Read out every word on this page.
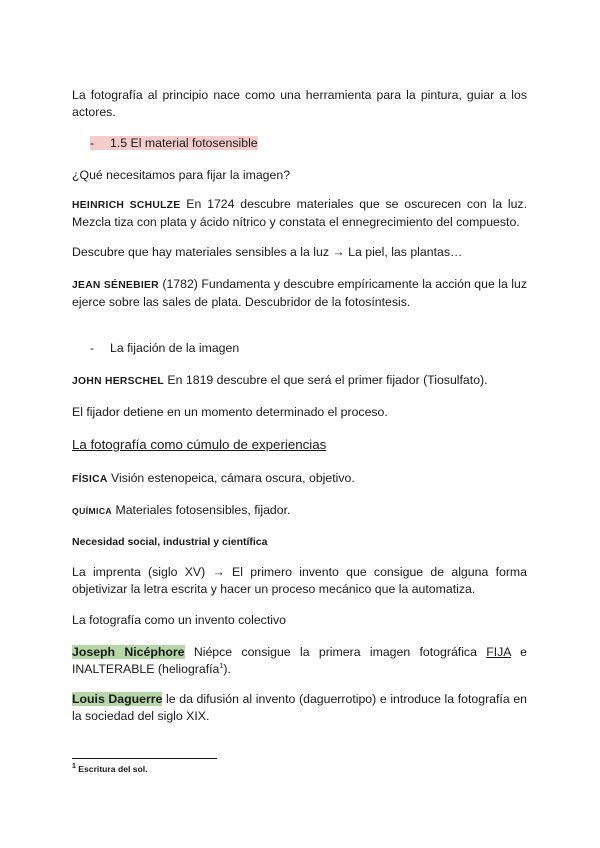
La fotografía al principio nace como una herramienta para la pintura, guiar a los actores.
- 1.5 El material fotosensible
¿Qué necesitamos para fijar la imagen?
HEINRICH SCHULZE En 1724 descubre materiales que se oscurecen con la luz. Mezcla tiza con plata y ácido nítrico y constata el ennegrecimiento del compuesto.
Descubre que hay materiales sensibles a la luz → La piel, las plantas…
JEAN SÉNEBIER (1782) Fundamenta y descubre empíricamente la acción que la luz ejerce sobre las sales de plata. Descubridor de la fotosíntesis.
- La fijación de la imagen
JOHN HERSCHEL En 1819 descubre el que será el primer fijador (Tiosulfato).
El fijador detiene en un momento determinado el proceso.
La fotografía como cúmulo de experiencias
FÍSICA Visión estenopeica, cámara oscura, objetivo.
QUÍMICA Materiales fotosensibles, fijador.
Necesidad social, industrial y científica
La imprenta (siglo XV) → El primero invento que consigue de alguna forma objetivizar la letra escrita y hacer un proceso mecánico que la automatiza.
La fotografía como un invento colectivo
Joseph Nicéphore Niépce consigue la primera imagen fotográfica FIJA e INALTERABLE (heliografía$^1$).
Louis Daguerre le da difusión al invento (daguerrotipo) e introduce la fotografía en la sociedad del siglo XIX.
$^1$ Escritura del sol.
